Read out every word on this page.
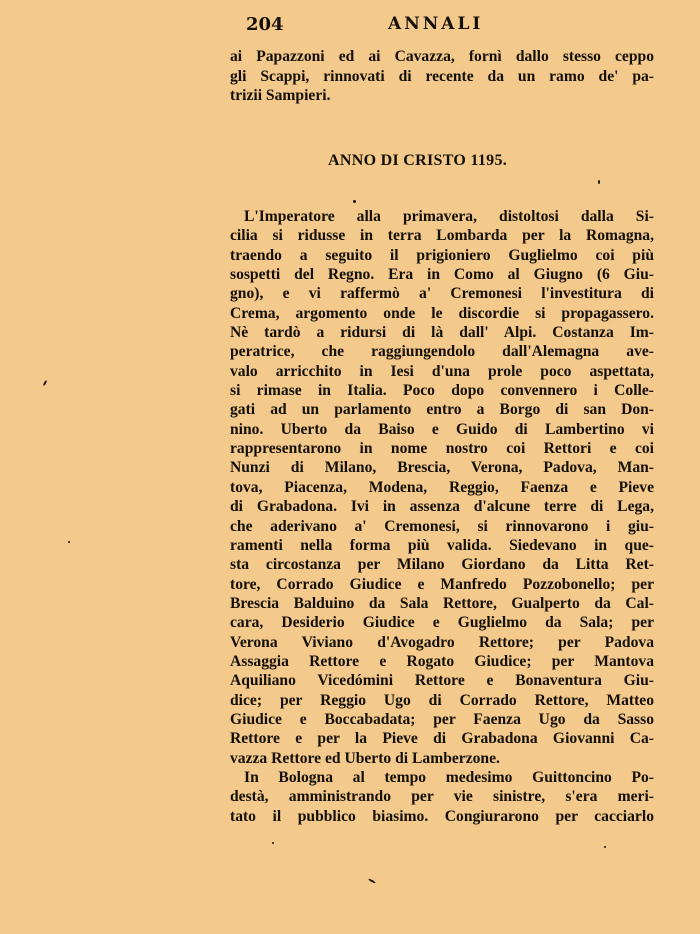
204	ANNALI
ai Papazzoni ed ai Cavazza, fornì dallo stesso ceppo
gli Scappi, rinnovati di recente da un ramo de' pa-
trizii Sampieri.
ANNO DI CRISTO 1195.
L'Imperatore alla primavera, distoltosi dalla Si-
cilia si ridusse in terra Lombarda per la Romagna,
traendo a seguito il prigioniero Guglielmo coi più
sospetti del Regno. Era in Como al Giugno (6 Giu-
gno), e vi raffermò a' Cremonesi l'investitura di
Crema, argomento onde le discordie si propagassero.
Nè tardò a ridursi di là dall' Alpi. Costanza Im-
peratrice, che raggiungendolo dall'Alemagna ave-
valo arricchito in Iesi d'una prole poco aspettata,
si rimase in Italia. Poco dopo convennero i Colle-
gati ad un parlamento entro a Borgo di san Don-
nino. Uberto da Baiso e Guido di Lambertino vi
rappresentarono in nome nostro coi Rettori e coi
Nunzi di Milano, Brescia, Verona, Padova, Man-
tova, Piacenza, Modena, Reggio, Faenza e Pieve
di Grabadona. Ivi in assenza d'alcune terre di Lega,
che aderivano a' Cremonesi, si rinnovarono i giu-
ramenti nella forma più valida. Siedevano in que-
sta circostanza per Milano Giordano da Litta Ret-
tore, Corrado Giudice e Manfredo Pozzobonello; per
Brescia Balduino da Sala Rettore, Gualperto da Cal-
cara, Desiderio Giudice e Guglielmo da Sala; per
Verona Viviano d'Avogadro Rettore; per Padova
Assaggia Rettore e Rogato Giudice; per Mantova
Aquiliano Vicedómini Rettore e Bonaventura Giu-
dice; per Reggio Ugo di Corrado Rettore, Matteo
Giudice e Boccabadata; per Faenza Ugo da Sasso
Rettore e per la Pieve di Grabadona Giovanni Ca-
vazza Rettore ed Uberto di Lamberzone.
In Bologna al tempo medesimo Guittoncino Po-
destà, amministrando per vie sinistre, s'era meri-
tato il pubblico biasimo. Congiurarono per cacciarlo
